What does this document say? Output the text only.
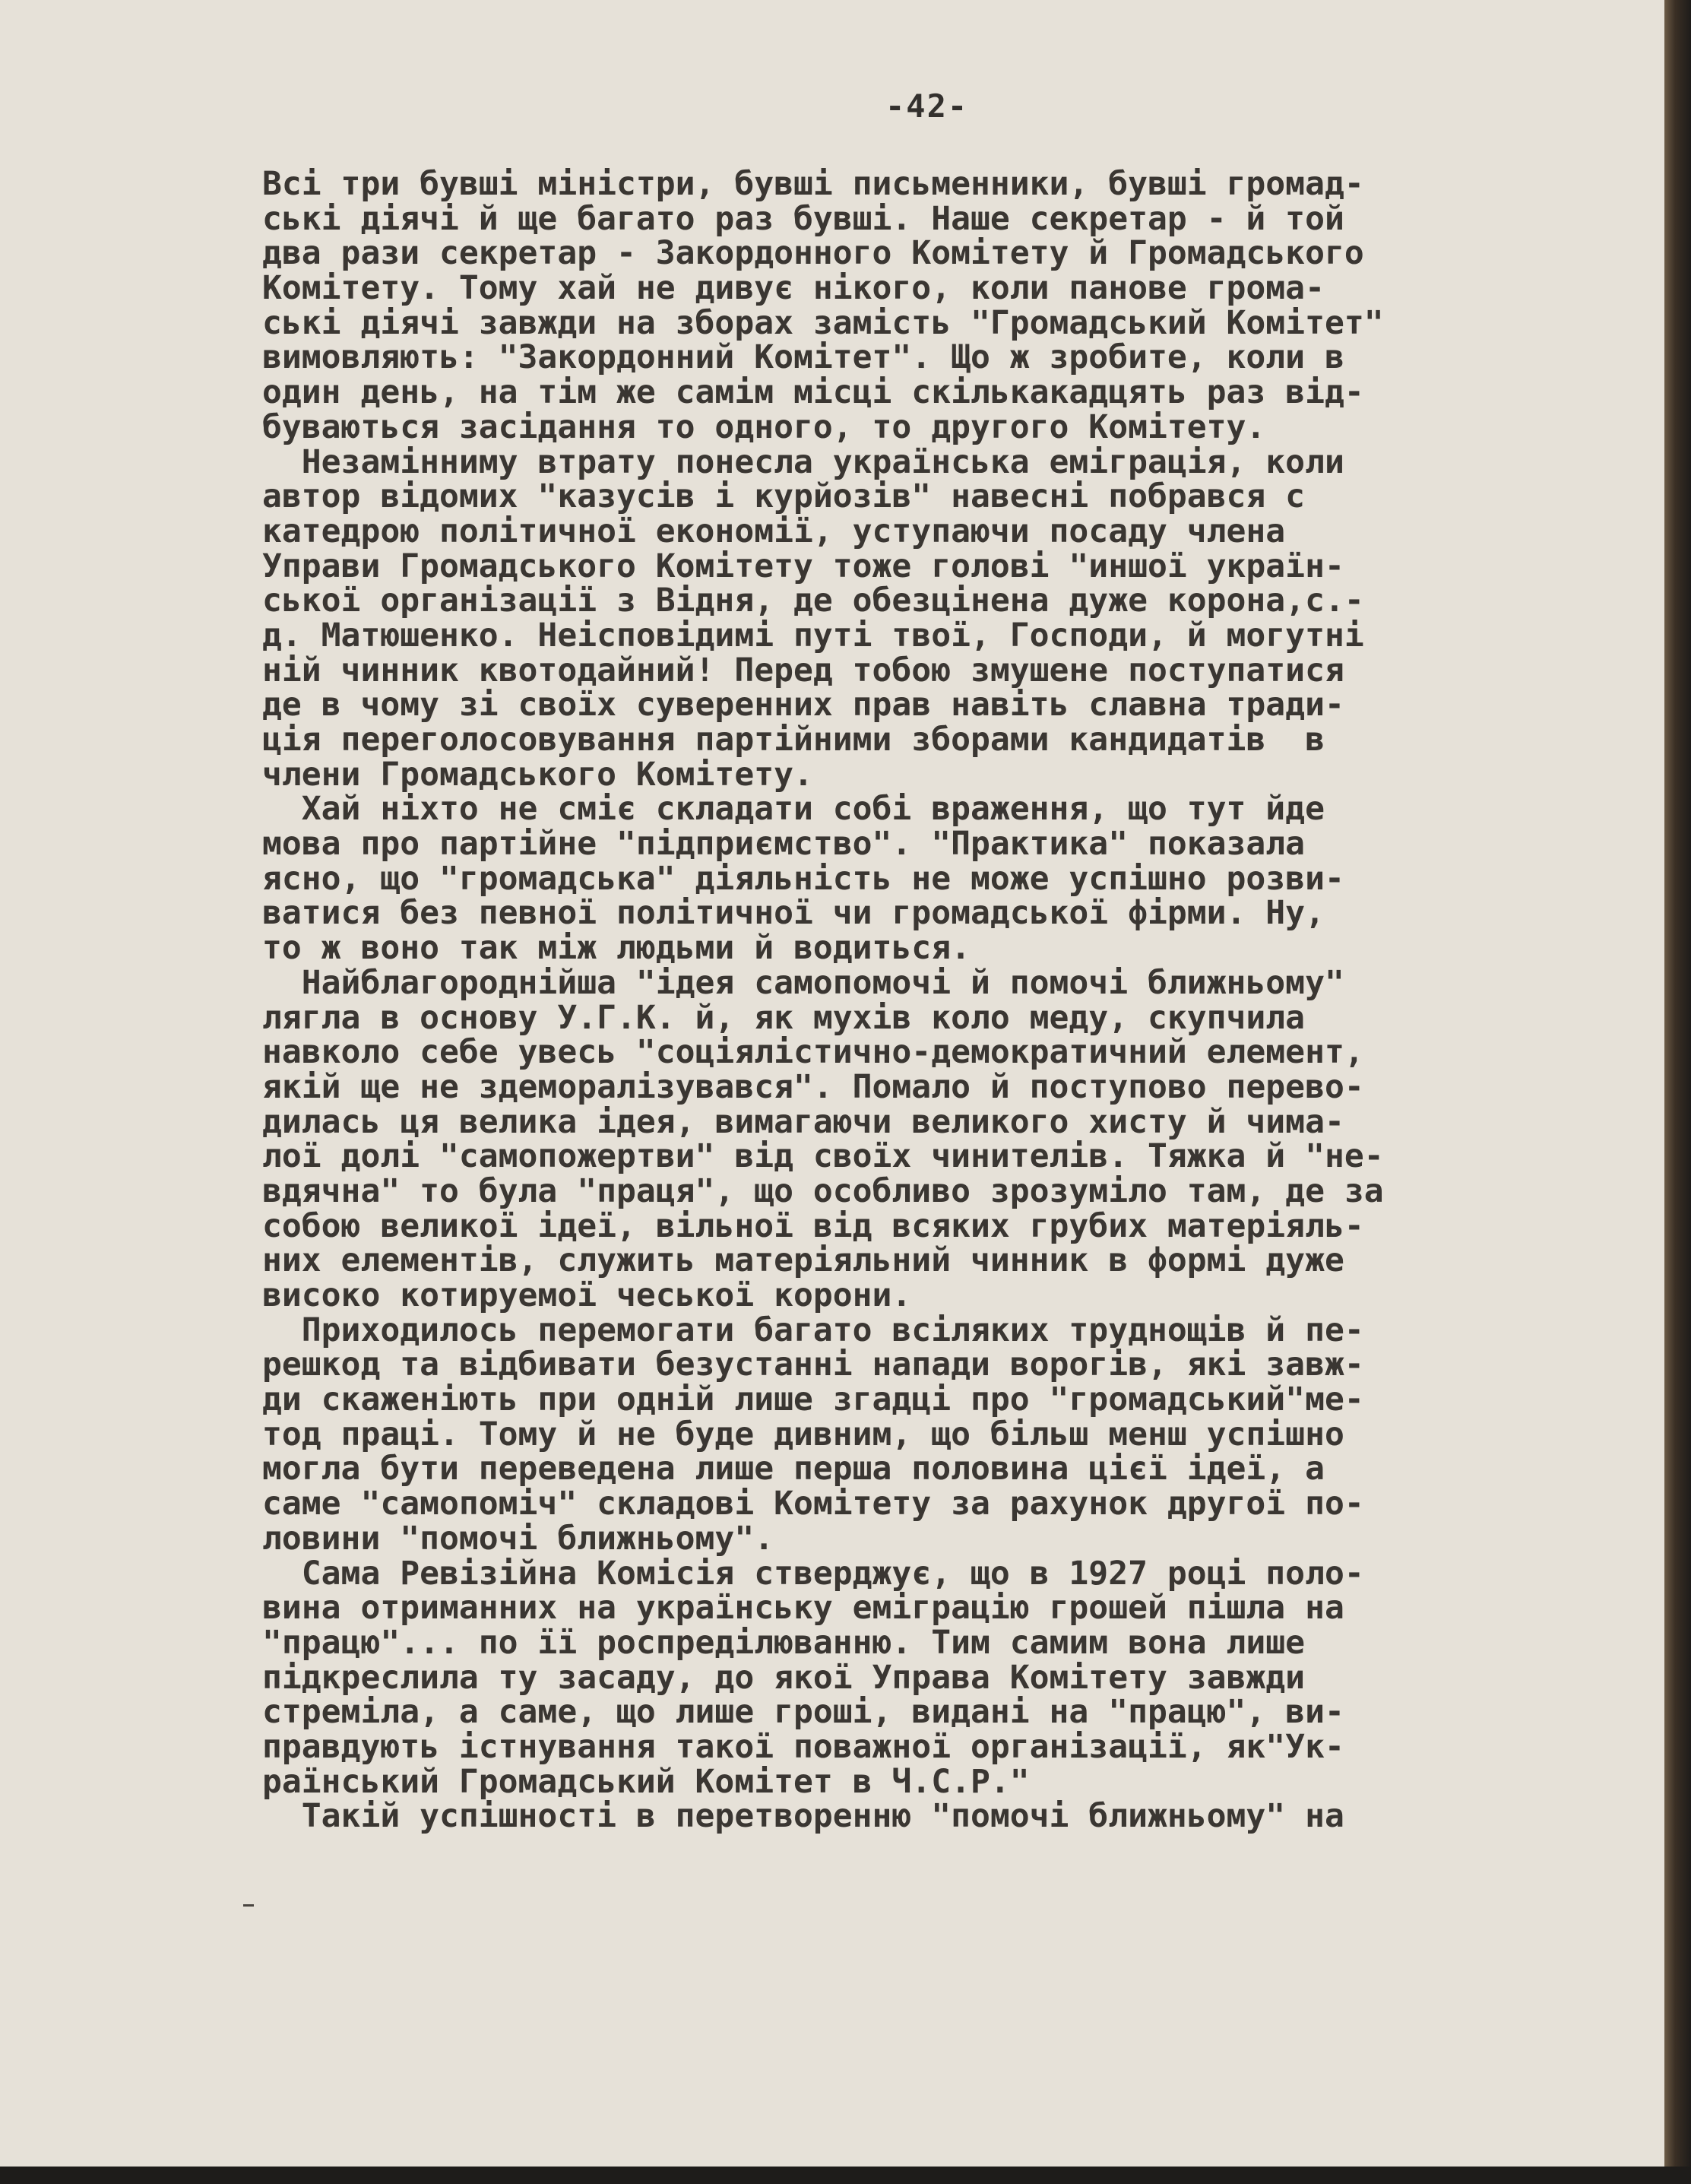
-42-
Всі три бувші міністри, бувші письменники, бувші громад-
ські діячі й ще багато раз бувші. Наше секретар - й той
два рази секретар - Закордонного Комітету й Громадського
Комітету. Тому хай не дивує нікого, коли панове грома-
ські діячі завжди на зборах замість "Громадський Комітет"
вимовляють: "Закордонний Комітет". Що ж зробите, коли в
один день, на тім же самім місці скількакадцять раз від-
буваються засідання то одного, то другого Комітету.
Незамінниму втрату понесла українська еміграція, коли
автор відомих "казусів і курйозів" навесні побрався с
катедрою політичної економії, уступаючи посаду члена
Управи Громадського Комітету тоже голові "иншої україн-
ської організації з Відня, де обезцінена дуже корона,с.-
д. Матюшенко. Неісповідимі путі твої, Господи, й могутні
ній чинник квотодайний! Перед тобою змушене поступатися
де в чому зі своїх суверенних прав навіть славна тради-
ція переголосовування партійними зборами кандидатів  в
члени Громадського Комітету.
Хай ніхто не сміє складати собі враження, що тут йде
мова про партійне "підприємство". "Практика" показала
ясно, що "громадська" діяльність не може успішно розви-
ватися без певної політичної чи громадської фірми. Ну,
то ж воно так між людьми й водиться.
Найблагороднійша "ідея самопомочі й помочі ближньому"
лягла в основу У.Г.К. й, як мухів коло меду, скупчила
навколо себе увесь "соціялістично-демократичний елемент,
якій ще не здеморалізувався". Помало й поступово перево-
дилась ця велика ідея, вимагаючи великого хисту й чима-
лої долі "самопожертви" від своїх чинителів. Тяжка й "не-
вдячна" то була "праця", що особливо зрозуміло там, де за
собою великої ідеї, вільної від всяких грубих матеріяль-
них елементів, служить матеріяльний чинник в формі дуже
високо котируемої чеської корони.
Приходилось перемогати багато всіляких труднощів й пе-
решкод та відбивати безустанні напади ворогів, які завж-
ди скаженіють при одній лише згадці про "громадський"ме-
тод праці. Тому й не буде дивним, що більш менш успішно
могла бути переведена лише перша половина цієї ідеї, а
саме "самопоміч" складові Комітету за рахунок другої по-
ловини "помочі ближньому".
Сама Ревізійна Комісія стверджує, що в 1927 році поло-
вина отриманних на українську еміграцію грошей пішла на
"працю"... по її роспреділюванню. Тим самим вона лише
підкреслила ту засаду, до якої Управа Комітету завжди
стреміла, а саме, що лише гроші, видані на "працю", ви-
правдують істнування такої поважної організації, як"Ук-
раїнський Громадський Комітет в Ч.С.Р."
Такій успішності в перетворенню "помочі ближньому" на
